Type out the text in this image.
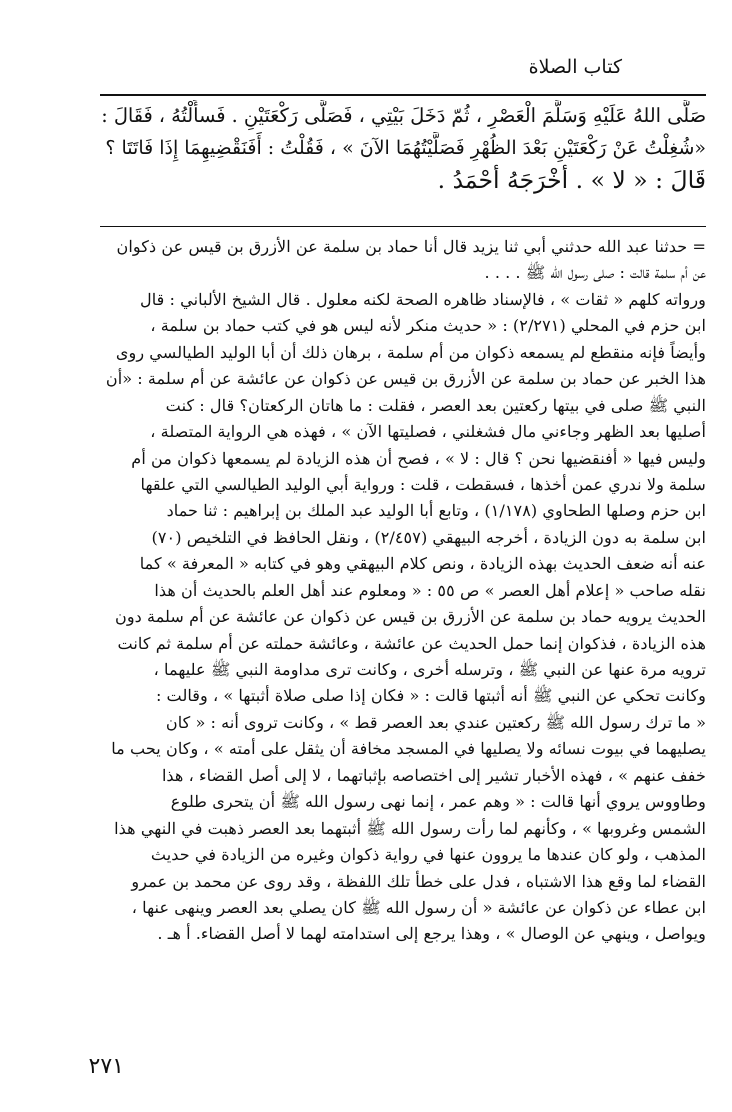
كتاب الصلاة
صَلَّى اللهُ عَلَيْهِ وَسَلَّمَ الْعَصْرِ ، ثُمّ دَخَلَ بَيْتِي ، فَصَلَّى رَكْعَتَيْنِ . فَسأَلْتُهُ ، فَقَالَ :
«شُغِلْتُ عَنْ رَكْعَتَيْنِ بَعْدَ الظُهْرِ فَصَلَّيْتُهُمَا الآنَ » ، فَقُلْتُ : أَفَنَقْضِيهِمَا إِذَا فَاتَتَا ؟
قَالَ : « لا » . أَخْرَجَهُ أَحْمَدُ .
= حدثنا عبد الله حدثني أبي ثنا يزيد قال أنا حماد بن سلمة عن الأزرق بن قيس عن ذكوان
عن أم سلمة قالت : صلى رسول الله ﷺ . . . .
ورواته كلهم « ثقات » ، فالإسناد ظاهره الصحة لكنه معلول . قال الشيخ الألباني : قال
ابن حزم في المحلي (٢/٢٧١) : « حديث منكر لأنه ليس هو في كتب حماد بن سلمة ،
وأيضاً فإنه منقطع لم يسمعه ذكوان من أم سلمة ، برهان ذلك أن أبا الوليد الطيالسي روى
هذا الخبر عن حماد بن سلمة عن الأزرق بن قيس عن ذكوان عن عائشة عن أم سلمة : «أن
النبي ﷺ صلى في بيتها ركعتين بعد العصر ، فقلت : ما هاتان الركعتان؟ قال : كنت
أصليها بعد الظهر وجاءني مال فشغلني ، فصليتها الآن » ، فهذه هي الرواية المتصلة ،
وليس فيها « أفنقضيها نحن ؟ قال : لا » ، فصح أن هذه الزيادة لم يسمعها ذكوان من أم
سلمة ولا ندري عمن أخذها ، فسقطت ، قلت : ورواية أبي الوليد الطيالسي التي علقها
ابن حزم وصلها الطحاوي (١/١٧٨) ، وتابع أبا الوليد عبد الملك بن إبراهيم : ثنا حماد
ابن سلمة به دون الزيادة ، أخرجه البيهقي (٢/٤٥٧) ، ونقل الحافظ في التلخيص (٧٠)
عنه أنه ضعف الحديث بهذه الزيادة ، ونص كلام البيهقي وهو في كتابه « المعرفة » كما
نقله صاحب « إعلام أهل العصر » ص ٥٥ : « ومعلوم عند أهل العلم بالحديث أن هذا
الحديث يرويه حماد بن سلمة عن الأزرق بن قيس عن ذكوان عن عائشة عن أم سلمة دون
هذه الزيادة ، فذكوان إنما حمل الحديث عن عائشة ، وعائشة حملته عن أم سلمة ثم كانت
ترويه مرة عنها عن النبي ﷺ ، وترسله أخرى ، وكانت ترى مداومة النبي ﷺ عليهما ،
وكانت تحكي عن النبي ﷺ أنه أثبتها قالت : « فكان إذا صلى صلاة أثبتها » ، وقالت :
« ما ترك رسول الله ﷺ ركعتين عندي بعد العصر قط » ، وكانت تروى أنه : « كان
يصليهما في بيوت نسائه ولا يصليها في المسجد مخافة أن يثقل على أمته » ، وكان يحب ما
خفف عنهم » ، فهذه الأخبار تشير إلى اختصاصه بإثباتهما ، لا إلى أصل القضاء ، هذا
وطاووس يروي أنها قالت : « وهم عمر ، إنما نهى رسول الله ﷺ أن يتحرى طلوع
الشمس وغروبها » ، وكأنهم لما رأت رسول الله ﷺ أثبتهما بعد العصر ذهبت في النهي هذا
المذهب ، ولو كان عندها ما يروون عنها في رواية ذكوان وغيره من الزيادة في حديث
القضاء لما وقع هذا الاشتباه ، فدل على خطأ تلك اللفظة ، وقد روى عن محمد بن عمرو
ابن عطاء عن ذكوان عن عائشة « أن رسول الله ﷺ كان يصلي بعد العصر وينهى عنها ،
ويواصل ، وينهي عن الوصال » ، وهذا يرجع إلى استدامته لهما لا أصل القضاء. أ هـ .
٢٧١
